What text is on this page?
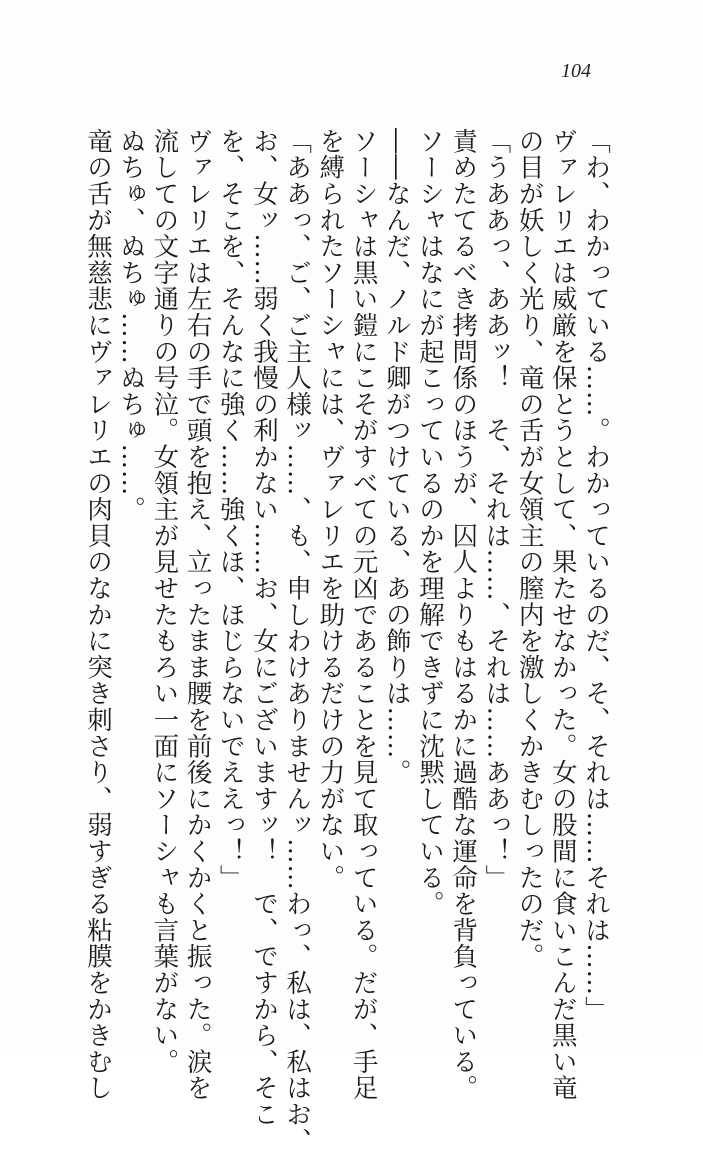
104

「わ、わかっている……。わかっているのだ、そ、それは……それは……」

ヴァレリエは威厳を保とうとして、果たせなかった。女の股間に食いこんだ黒い竜

の目が妖しく光り、竜の舌が女領主の膣内を激しくかきむしったのだ。

「うああっ、ああッ！　そ、それは……、それは……ああっ！」

責めたてるべき拷問係のほうが、囚人よりもはるかに過酷な運命を背負っている。

ソーシャはなにが起こっているのかを理解できずに沈黙している。

――なんだ、ノルド卿がつけている、あの飾りは……。

ソーシャは黒い鎧にこそがすべての元凶であることを見て取っている。だが、手足

を縛られたソーシャには、ヴァレリエを助けるだけの力がない。

「ああっ、ご、ご主人様ッ……、も、申しわけありませんッ……わっ、私は、私はお、

お、女ッ……弱く我慢の利かない……お、女にございますッ！　で、ですから、そこ

を、そこを、そんなに強く……強くほ、ほじらないでええっ！」

ヴァレリエは左右の手で頭を抱え、立ったまま腰を前後にかくかくと振った。涙を

流しての文字通りの号泣。女領主が見せたもろい一面にソーシャも言葉がない。

ぬちゅ、ぬちゅ……ぬちゅ……。

竜の舌が無慈悲にヴァレリエの肉貝のなかに突き刺さり、弱すぎる粘膜をかきむし
